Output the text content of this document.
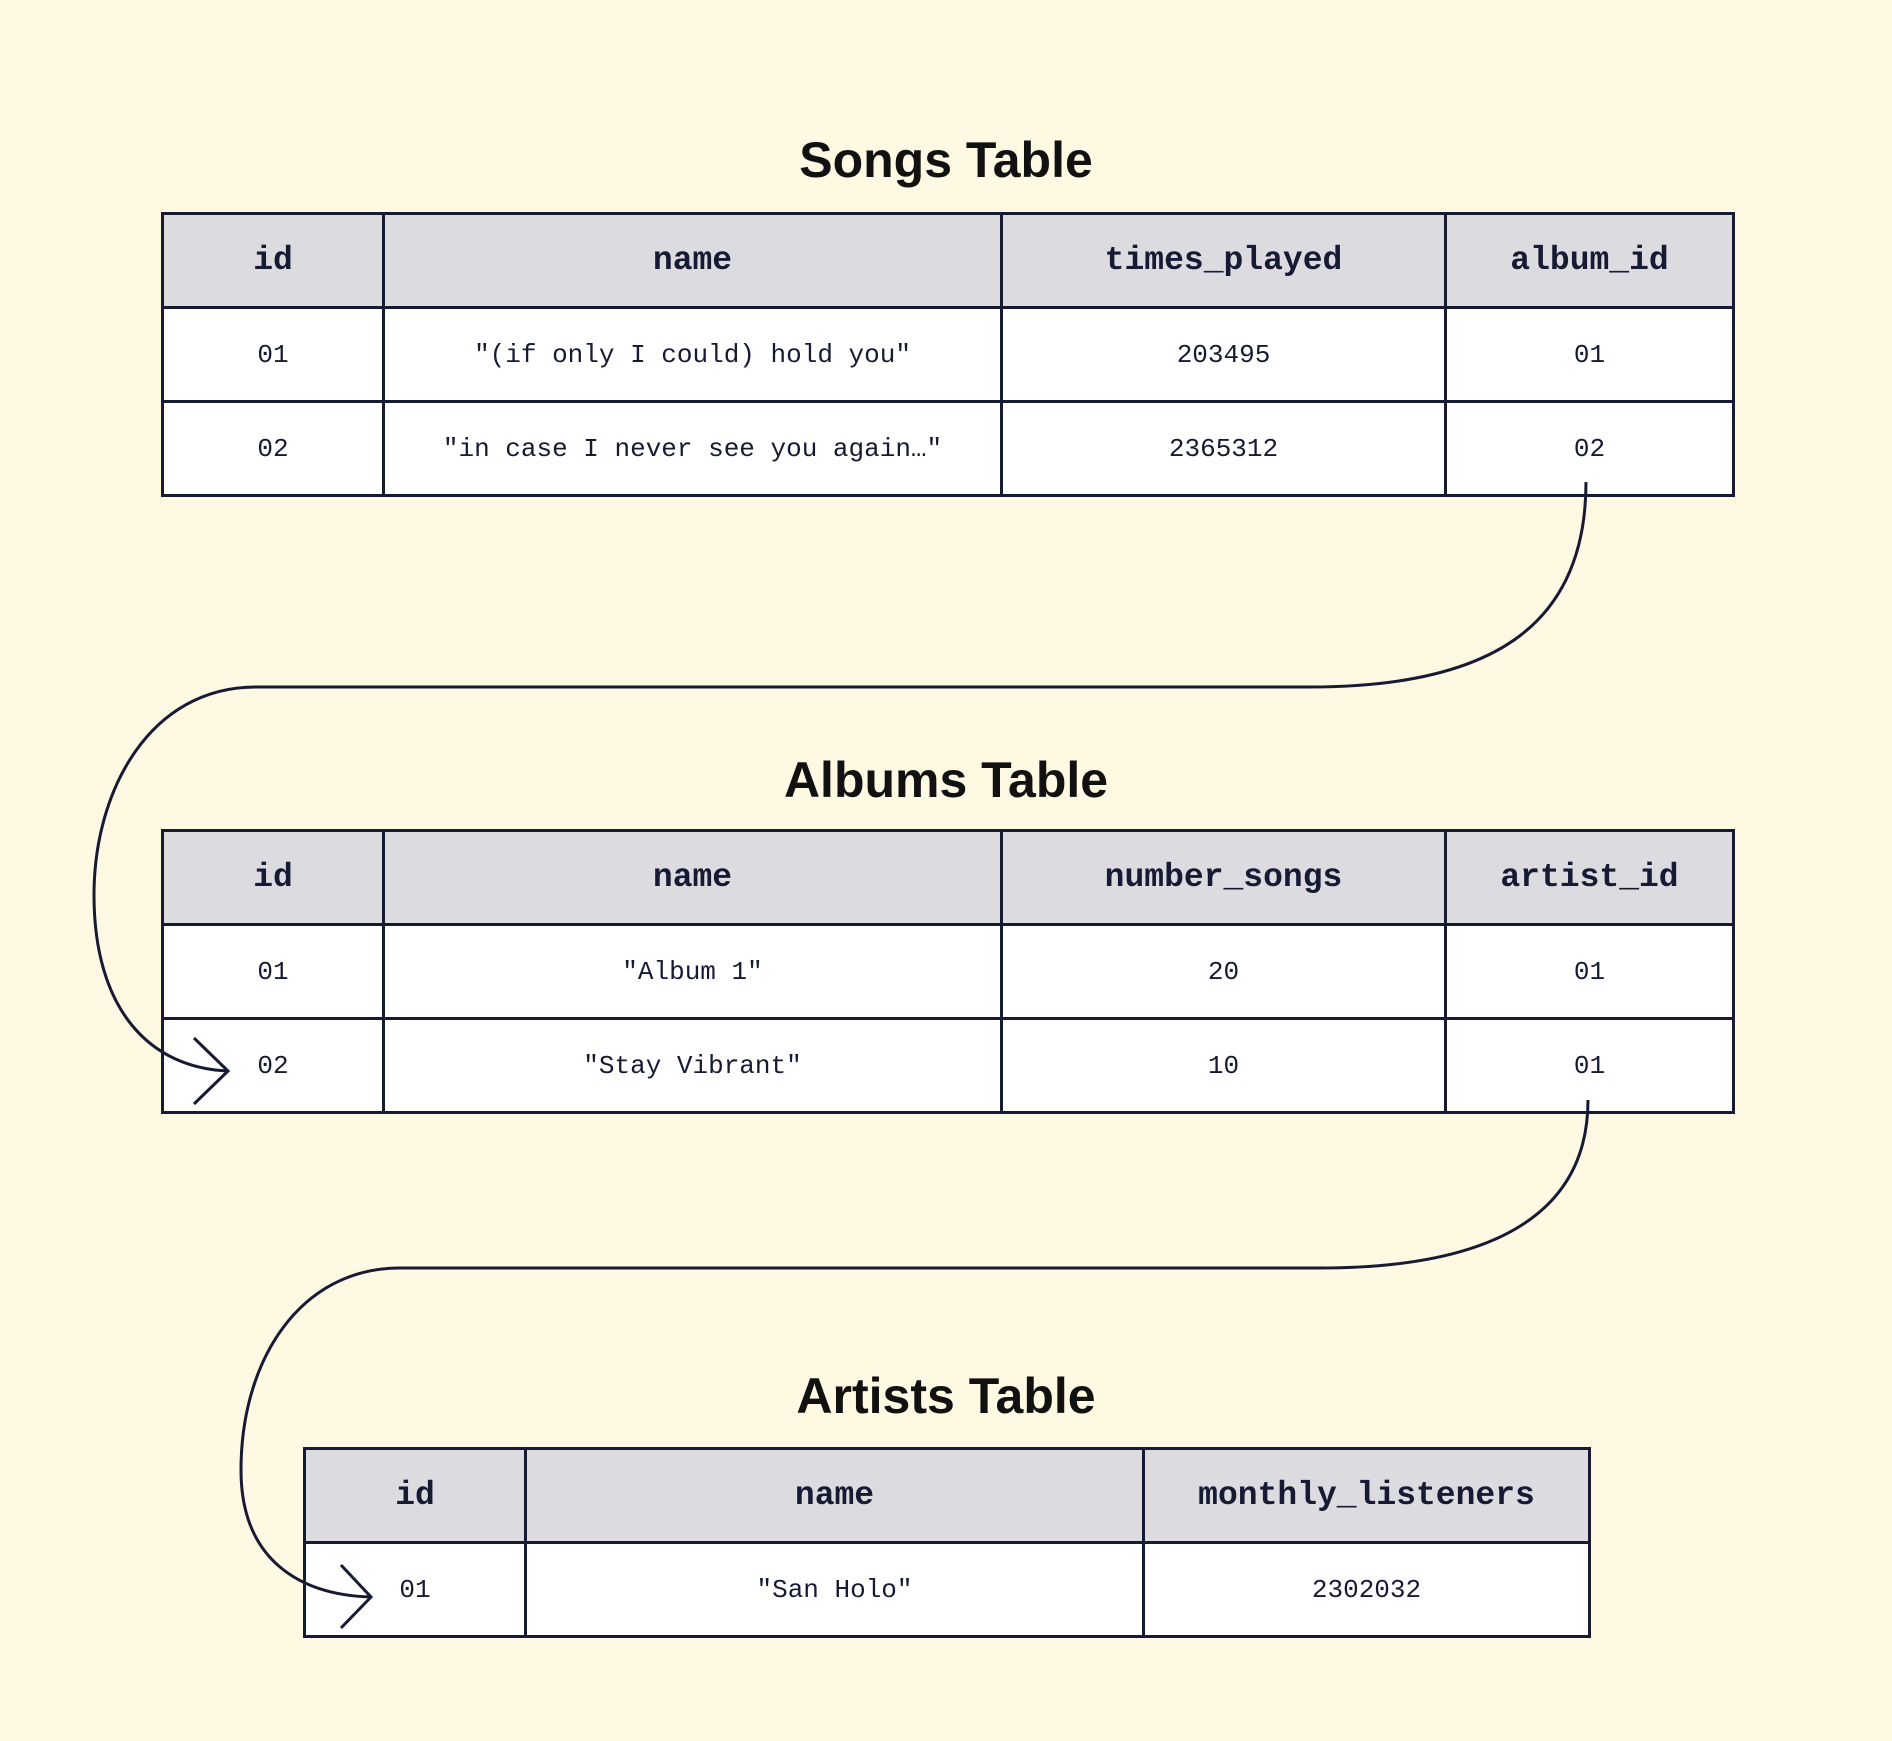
Songs Table
id	name	times_played	album_id
01	"(if only I could) hold you"	203495	01
02	"in case I never see you again…"	2365312	02
Albums Table
id	name	number_songs	artist_id
01	"Album 1"	20	01
02	"Stay Vibrant"	10	01
Artists Table
id	name	monthly_listeners
01	"San Holo"	2302032
